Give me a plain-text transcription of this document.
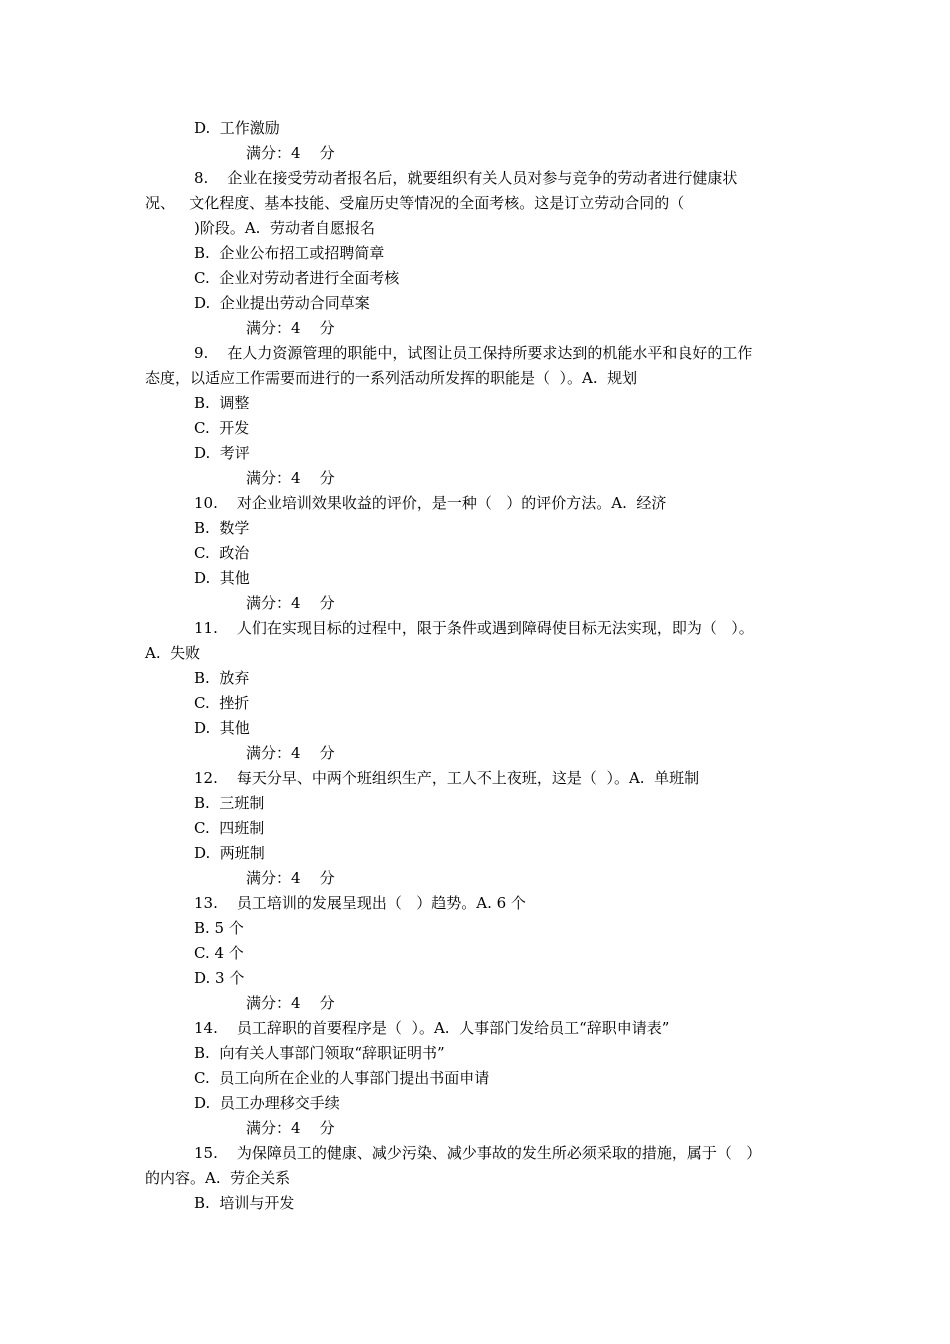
D.  工作激励
满分：4    分
8.    企业在接受劳动者报名后，就要组织有关人员对参与竞争的劳动者进行健康状
况、   文化程度、基本技能、受雇历史等情况的全面考核。这是订立劳动合同的（
)阶段。A.  劳动者自愿报名
B.  企业公布招工或招聘简章
C.  企业对劳动者进行全面考核
D.  企业提出劳动合同草案
满分：4    分
9.    在人力资源管理的职能中，试图让员工保持所要求达到的机能水平和良好的工作
态度，以适应工作需要而进行的一系列活动所发挥的职能是（  ）。A.  规划
B.  调整
C.  开发
D.  考评
满分：4    分
10.    对企业培训效果收益的评价，是一种（   ）的评价方法。A.  经济
B.  数学
C.  政治
D.  其他
满分：4    分
11.    人们在实现目标的过程中，限于条件或遇到障碍使目标无法实现，即为（   ）。
A.  失败
B.  放弃
C.  挫折
D.  其他
满分：4    分
12.    每天分早、中两个班组织生产，工人不上夜班，这是（  ）。A.  单班制
B.  三班制
C.  四班制
D.  两班制
满分：4    分
13.    员工培训的发展呈现出（   ）趋势。A. 6 个
B. 5 个
C. 4 个
D. 3 个
满分：4    分
14.    员工辞职的首要程序是（  ）。A.  人事部门发给员工“辞职申请表”
B.  向有关人事部门领取“辞职证明书”
C.  员工向所在企业的人事部门提出书面申请
D.  员工办理移交手续
满分：4    分
15.    为保障员工的健康、减少污染、减少事故的发生所必须采取的措施，属于（   ）
的内容。A.  劳企关系
B.  培训与开发
